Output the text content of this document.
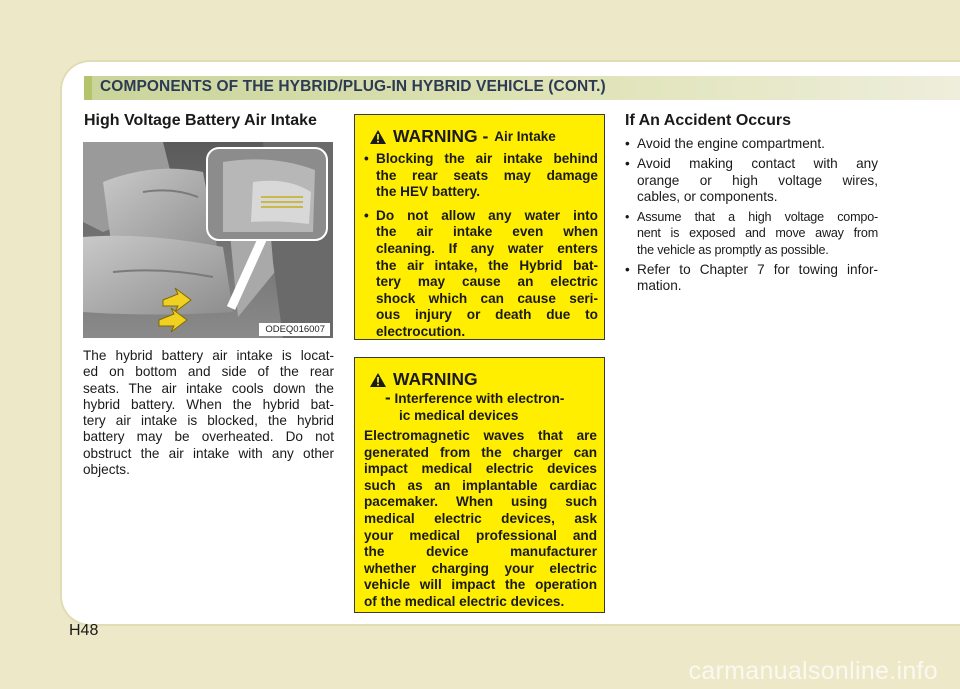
COMPONENTS OF THE HYBRID/PLUG-IN HYBRID VEHICLE (CONT.)
High Voltage Battery Air Intake
ODEQ016007

The hybrid battery air intake is locat-
ed on bottom and side of the rear
seats. The air intake cools down the
hybrid battery. When the hybrid bat-
tery air intake is blocked, the hybrid
battery may be overheated. Do not
obstruct the air intake with any other
objects.

WARNING - Air Intake
• Blocking the air intake behind
the rear seats may damage
the HEV battery.
• Do not allow any water into
the air intake even when
cleaning. If any water enters
the air intake, the Hybrid bat-
tery may cause an electric
shock which can cause seri-
ous injury or death due to
electrocution.
WARNING
- Interference with electron-
ic medical devices
Electromagnetic waves that are
generated from the charger can
impact medical electric devices
such as an implantable cardiac
pacemaker. When using such
medical electric devices, ask
your medical professional and
the device manufacturer
whether charging your electric
vehicle will impact the operation
of the medical electric devices.
If An Accident Occurs
• Avoid the engine compartment.
• Avoid making contact with any
orange or high voltage wires,
cables, or components.
• Assume that a high voltage compo-
nent is exposed and move away from
the vehicle as promptly as possible.
• Refer to Chapter 7 for towing infor-
mation.
H48
carmanualsonline.info
